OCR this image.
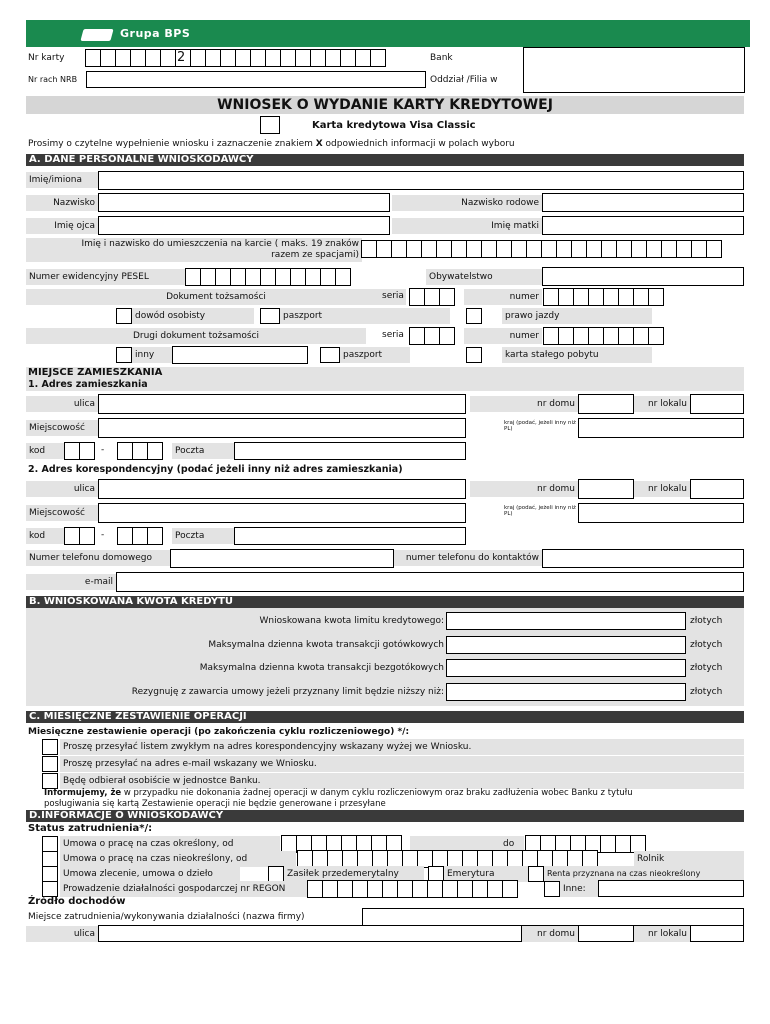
Grupa BPS
Nr karty	2	Bank
Nr rach NRB	Oddział /Filia w
WNIOSEK O WYDANIE KARTY KREDYTOWEJ
Karta kredytowa Visa Classic
Prosimy o czytelne wypełnienie wniosku i zaznaczenie znakiem X odpowiednich informacji w polach wyboru
A. DANE PERSONALNE WNIOSKODAWCY
Imię/imiona
Nazwisko	Nazwisko rodowe
Imię ojca	Imię matki
Imię i nazwisko do umieszczenia na karcie ( maks. 19 znaków
razem ze spacjami)
Numer ewidencyjny PESEL	Obywatelstwo
Dokument tożsamości	seria	numer
dowód osobisty	paszport	prawo jazdy
Drugi dokument tożsamości	seria	numer
inny	paszport	karta stałego pobytu
MIEJSCE ZAMIESZKANIA
1. Adres zamieszkania
ulica	nr domu	nr lokalu
Miejscowość	kraj (podać, jeżeli inny niż PL)
kod	-	Poczta
2. Adres korespondencyjny (podać jeżeli inny niż adres zamieszkania)
ulica	nr domu	nr lokalu
Miejscowość	kraj (podać, jeżeli inny niż PL)
kod	-	Poczta
Numer telefonu domowego	numer telefonu do kontaktów
e-mail
B. WNIOSKOWANA KWOTA KREDYTU
Wnioskowana kwota limitu kredytowego:	złotych
Maksymalna dzienna kwota transakcji gotówkowych	złotych
Maksymalna dzienna kwota transakcji bezgotókowych	złotych
Rezygnuję z zawarcia umowy jeżeli przyznany limit będzie niższy niż:	złotych
C. MIESIĘCZNE ZESTAWIENIE OPERACJI
Miesięczne zestawienie operacji (po zakończenia cyklu rozliczeniowego) */:
Proszę przesyłać listem zwykłym na adres korespondencyjny wskazany wyżej we Wniosku.
Proszę przesyłać na adres e-mail wskazany we Wniosku.
Będę odbierał osobiście w jednostce Banku.
Informujemy, że w przypadku nie dokonania żadnej operacji w danym cyklu rozliczeniowym oraz braku zadłużenia wobec Banku z tytułu
posługiwania się kartą Zestawienie operacji nie będzie generowane i przesyłane
D.INFORMACJE O WNIOSKODAWCY
Status zatrudnienia*/:
Umowa o pracę na czas określony, od	do
Umowa o pracę na czas nieokreślony, od	Rolnik
Umowa zlecenie, umowa o dzieło	Zasiłek przedemerytalny	Emerytura	Renta przyznana na czas nieokreślony
Prowadzenie działalności gospodarczej nr REGON	Inne:
Źródło dochodów
Miejsce zatrudnienia/wykonywania działalności (nazwa firmy)
ulica	nr domu	nr lokalu
